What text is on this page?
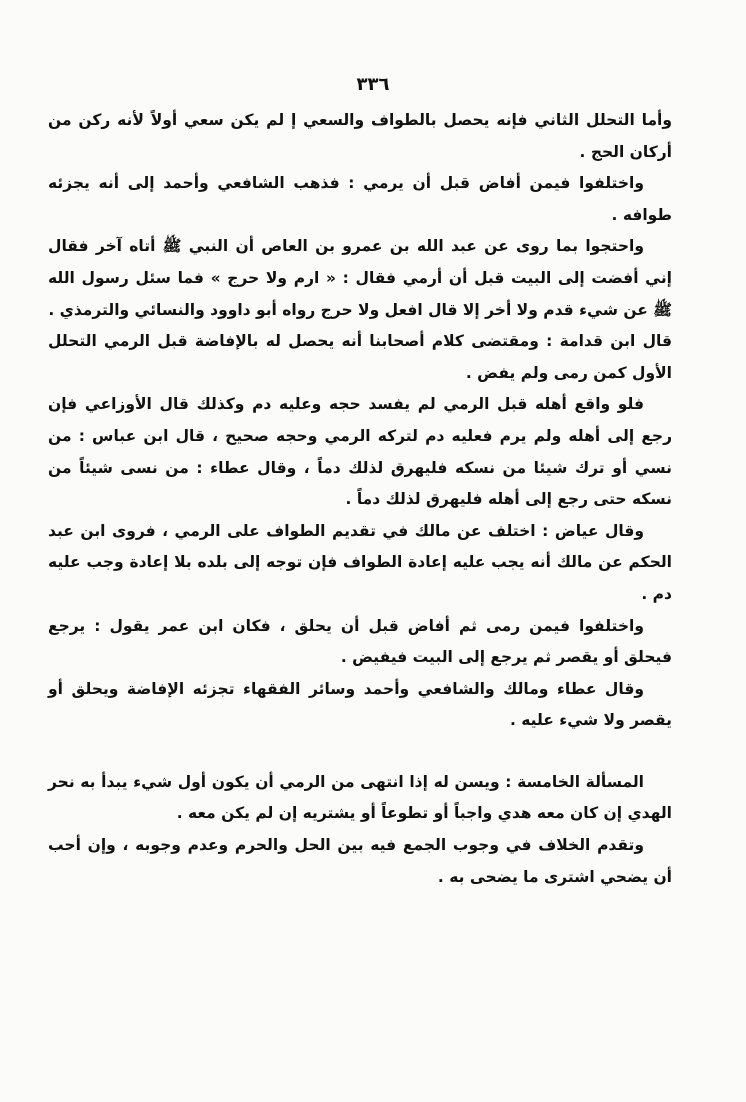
٣٣٦

وأما التحلل الثاني فإنه يحصل بالطواف والسعي إ لم يكن سعي أولاً لأنه ركن من أركان الحج .

واختلفوا فيمن أفاض قبل أن يرمي : فذهب الشافعي وأحمد إلى أنه يجزئه طوافه .

واحتجوا بما روى عن عبد الله بن عمرو بن العاص أن النبي ﷺ أتاه آخر فقال إني أفضت إلى البيت قبل أن أرمي فقال : « ارم ولا حرج » فما سئل رسول الله ﷺ عن شيء قدم ولا أخر إلا قال افعل ولا حرج رواه أبو داوود والنسائي والترمذي .

قال ابن قدامة : ومقتضى كلام أصحابنا أنه يحصل له بالإفاضة قبل الرمي التحلل الأول كمن رمى ولم يفض .

فلو واقع أهله قبل الرمي لم يفسد حجه وعليه دم وكذلك قال الأوزاعي فإن رجع إلى أهله ولم يرم فعليه دم لتركه الرمي وحجه صحيح ، قال ابن عباس : من نسي أو ترك شيئا من نسكه فليهرق لذلك دماً ، وقال عطاء : من نسى شيئاً من نسكه حتى رجع إلى أهله فليهرق لذلك دماً .

وقال عياض : اختلف عن مالك في تقديم الطواف على الرمي ، فروى ابن عبد الحكم عن مالك أنه يجب عليه إعادة الطواف فإن توجه إلى بلده بلا إعادة وجب عليه دم .

واختلفوا فيمن رمى ثم أفاض قبل أن يحلق ، فكان ابن عمر يقول : يرجع فيحلق أو يقصر ثم يرجع إلى البيت فيفيض .

وقال عطاء ومالك والشافعي وأحمد وسائر الفقهاء تجزئه الإفاضة ويحلق أو يقصر ولا شيء عليه .

المسألة الخامسة : ويسن له إذا انتهى من الرمي أن يكون أول شيء يبدأ به نحر الهدي إن كان معه هدي واجباً أو تطوعاً أو يشتريه إن لم يكن معه .

وتقدم الخلاف في وجوب الجمع فيه بين الحل والحرم وعدم وجوبه ، وإن أحب أن يضحي اشترى ما يضحى به .
